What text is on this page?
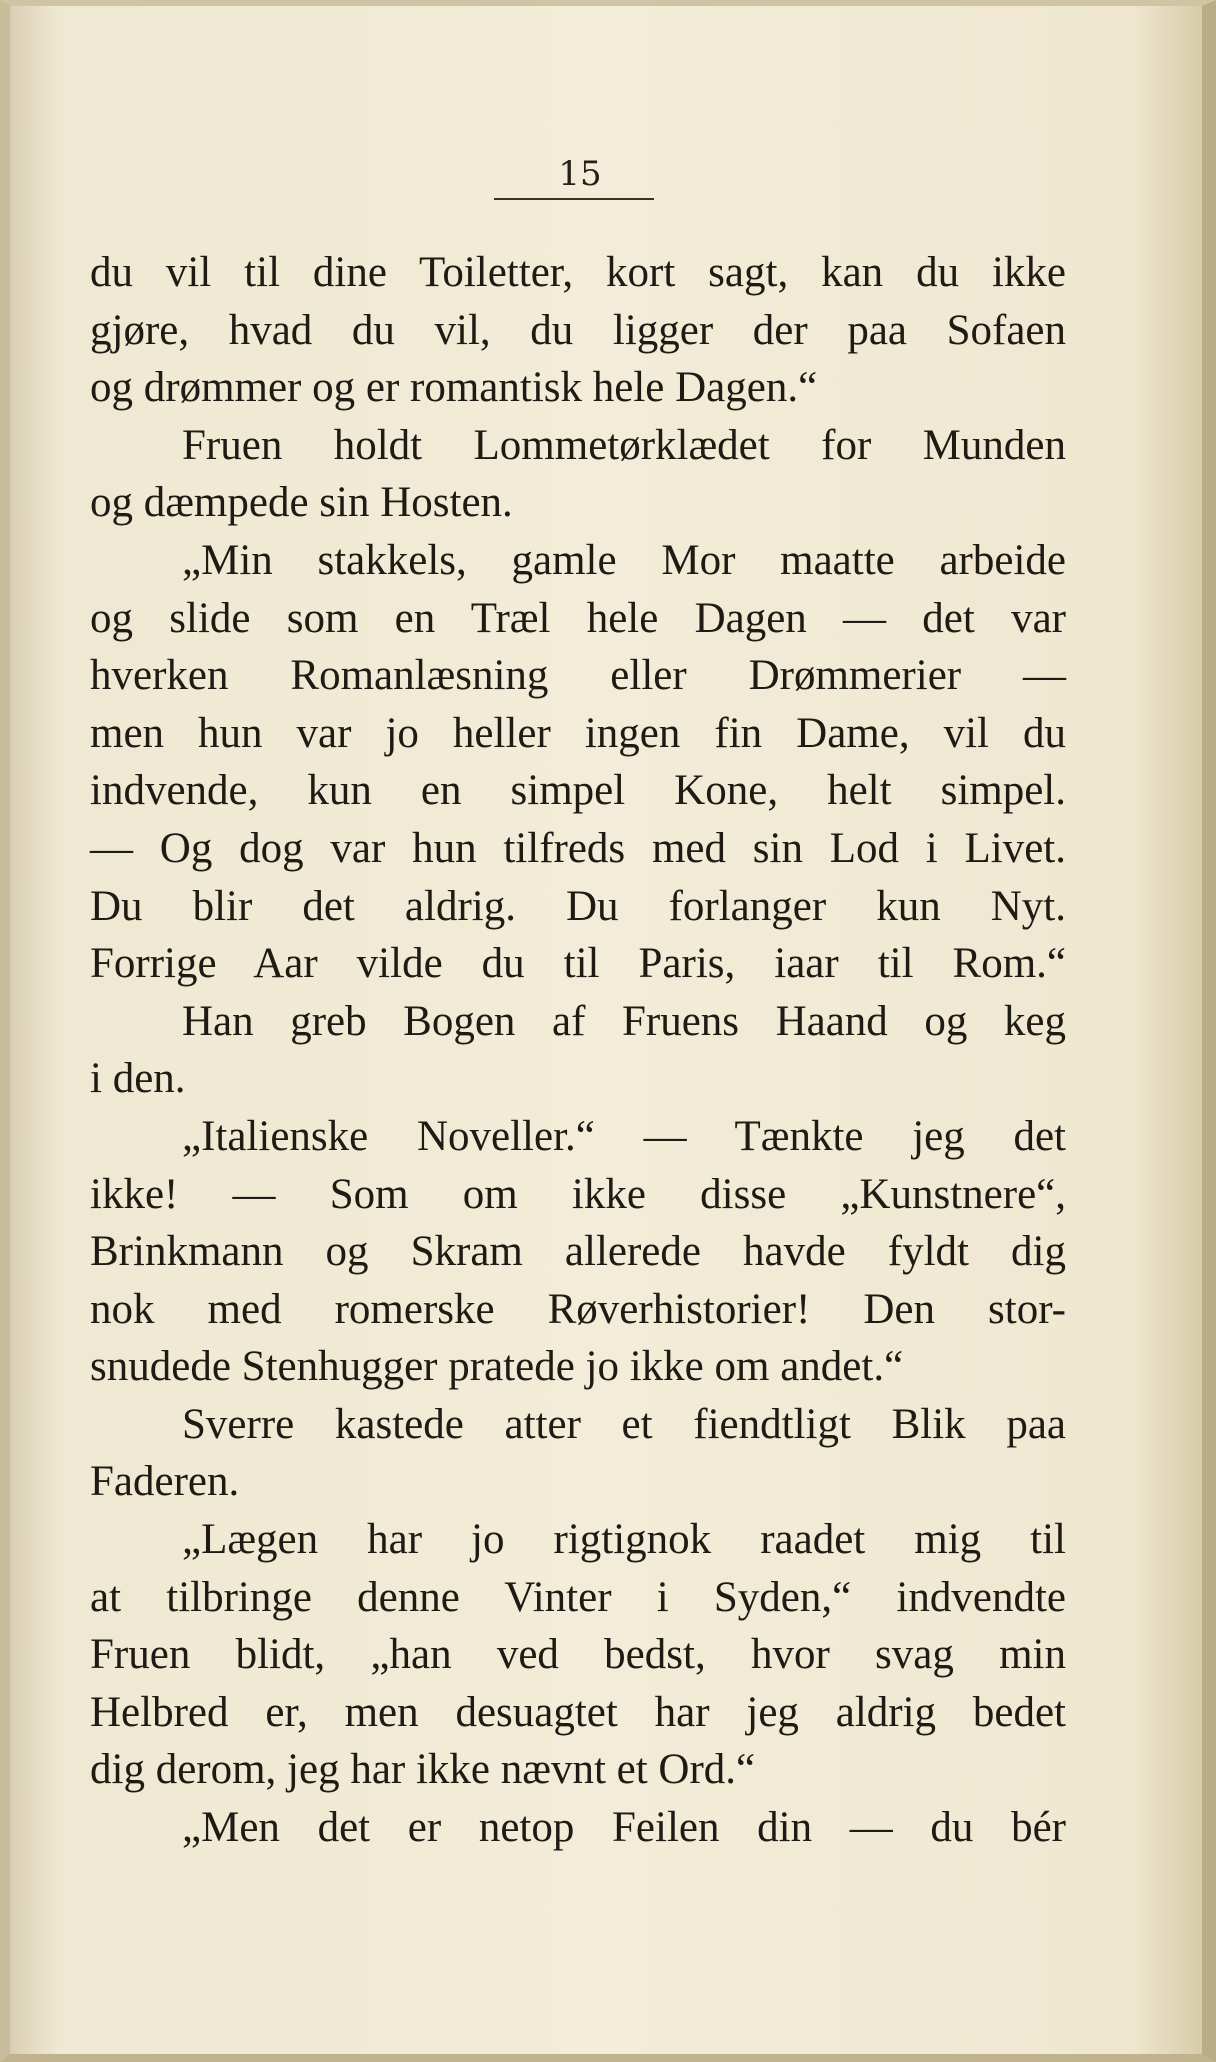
15
du vil til dine Toiletter, kort sagt, kan du ikke
gjøre, hvad du vil, du ligger der paa Sofaen
og drømmer og er romantisk hele Dagen.“
Fruen holdt Lommetørklædet for Munden
og dæmpede sin Hosten.
„Min stakkels, gamle Mor maatte arbeide
og slide som en Træl hele Dagen — det var
hverken Romanlæsning eller Drømmerier —
men hun var jo heller ingen fin Dame, vil du
indvende, kun en simpel Kone, helt simpel.
— Og dog var hun tilfreds med sin Lod i Livet.
Du blir det aldrig. Du forlanger kun Nyt.
Forrige Aar vilde du til Paris, iaar til Rom.“
Han greb Bogen af Fruens Haand og keg
i den.
„Italienske Noveller.“ — Tænkte jeg det
ikke! — Som om ikke disse „Kunstnere“,
Brinkmann og Skram allerede havde fyldt dig
nok med romerske Røverhistorier! Den stor-
snudede Stenhugger pratede jo ikke om andet.“
Sverre kastede atter et fiendtligt Blik paa
Faderen.
„Lægen har jo rigtignok raadet mig til
at tilbringe denne Vinter i Syden,“ indvendte
Fruen blidt, „han ved bedst, hvor svag min
Helbred er, men desuagtet har jeg aldrig bedet
dig derom, jeg har ikke nævnt et Ord.“
„Men det er netop Feilen din — du bér
